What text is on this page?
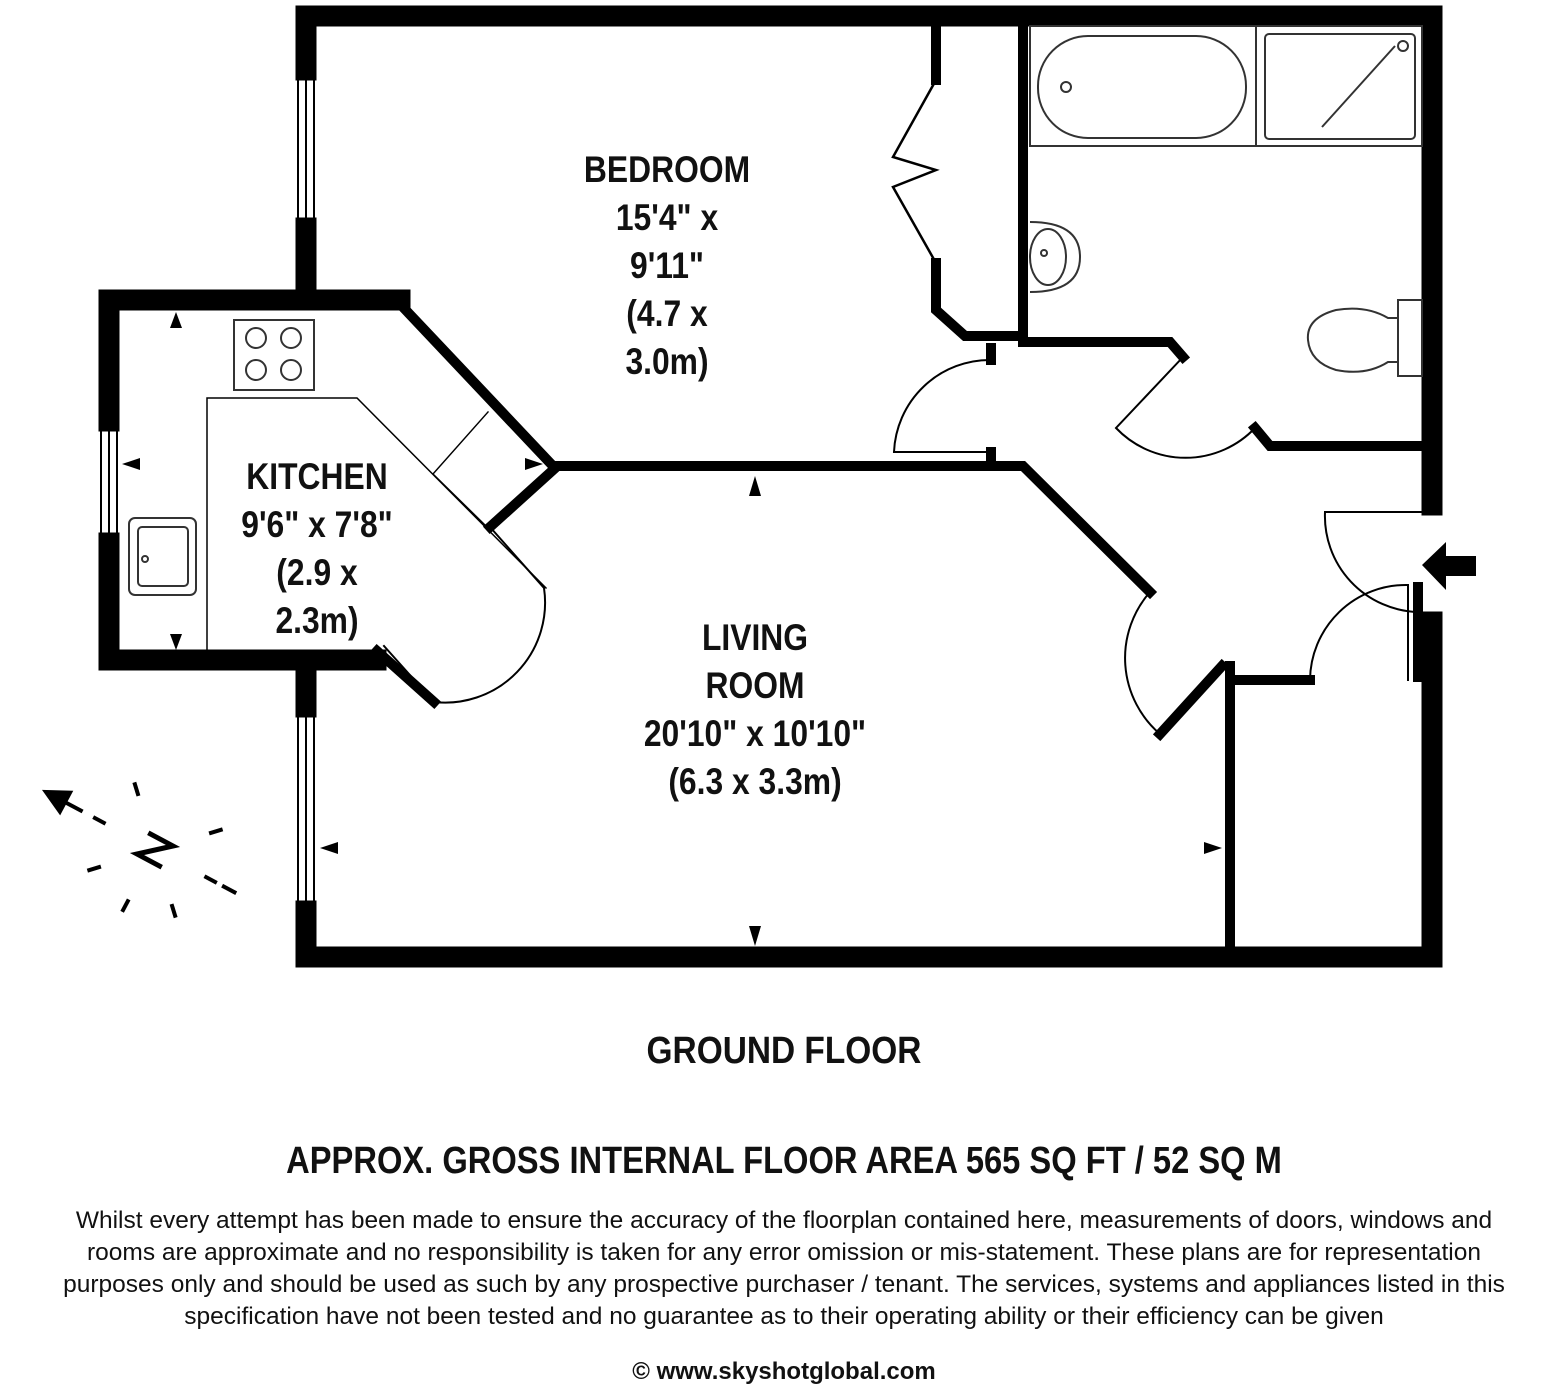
BEDROOM
15'4" x 9'11"
(4.7 x 3.0m)
KITCHEN
9'6" x 7'8"
(2.9 x 2.3m)	LIVING
ROOM
20'10" x 10'10"
(6.3 x 3.3m)
GROUND FLOOR
APPROX. GROSS INTERNAL FLOOR AREA 565 SQ FT / 52 SQ M
Whilst every attempt has been made to ensure the accuracy of the floorplan contained here, measurements of doors, windows and
rooms are approximate and no responsibility is taken for any error omission or mis-statement. These plans are for representation
purposes only and should be used as such by any prospective purchaser / tenant. The services, systems and appliances listed in this
specification have not been tested and no guarantee as to their operating ability or their efficiency can be given
© www.skyshotglobal.com
